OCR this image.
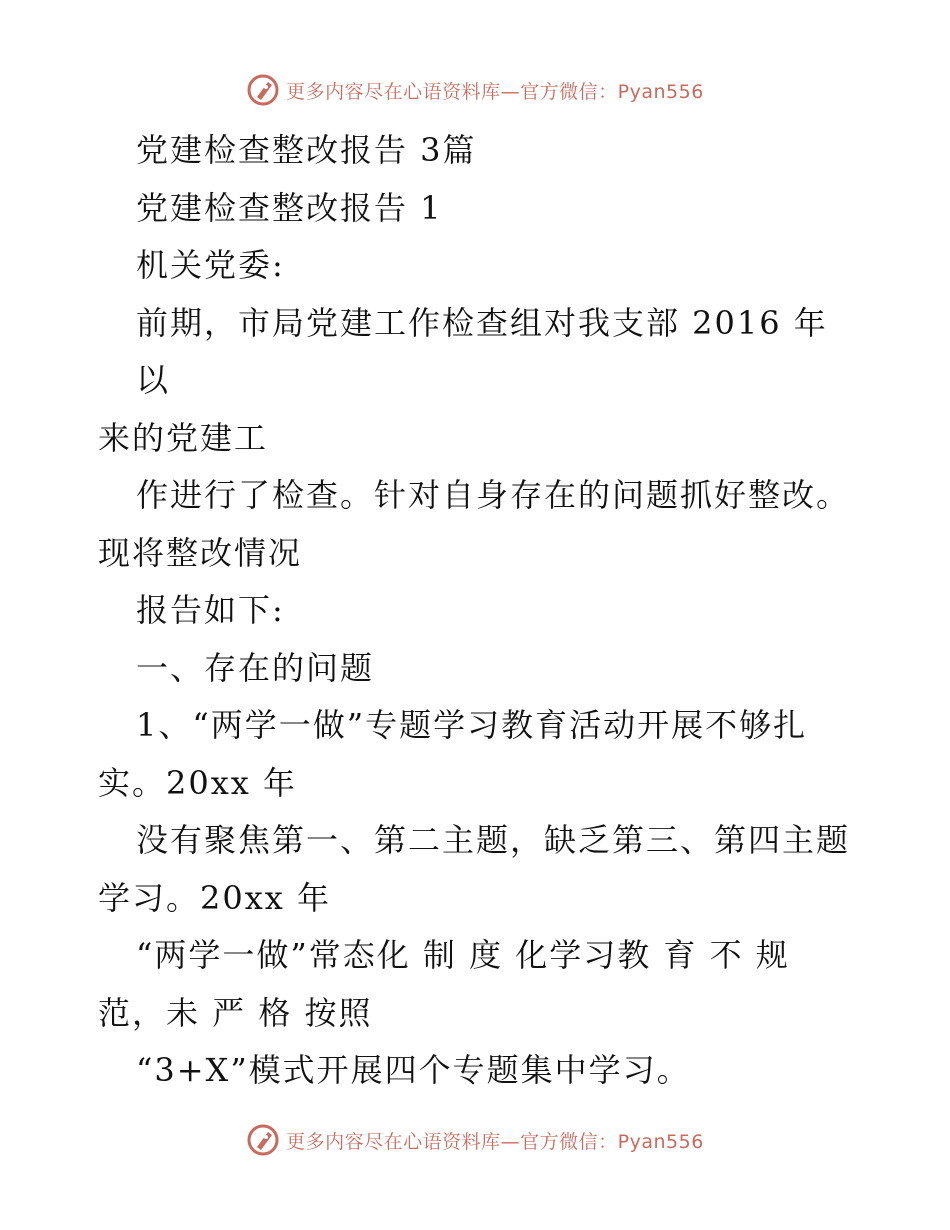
更多内容尽在心语资料库—官方微信：Pyan556

党建检查整改报告 3篇

党建检查整改报告 1

机关党委:

前期，市局党建工作检查组对我支部 2016 年以

来的党建工

作进行了检查。针对自身存在的问题抓好整改。

现将整改情况

报告如下:

一、存在的问题

1、“两学一做”专题学习教育活动开展不够扎

实。20xx 年

没有聚焦第一、第二主题，缺乏第三、第四主题

学习。20xx 年

“两学一做”常态化 制 度 化学习教 育 不 规

范，未 严 格 按照

“3+X”模式开展四个专题集中学习。

更多内容尽在心语资料库—官方微信：Pyan556
